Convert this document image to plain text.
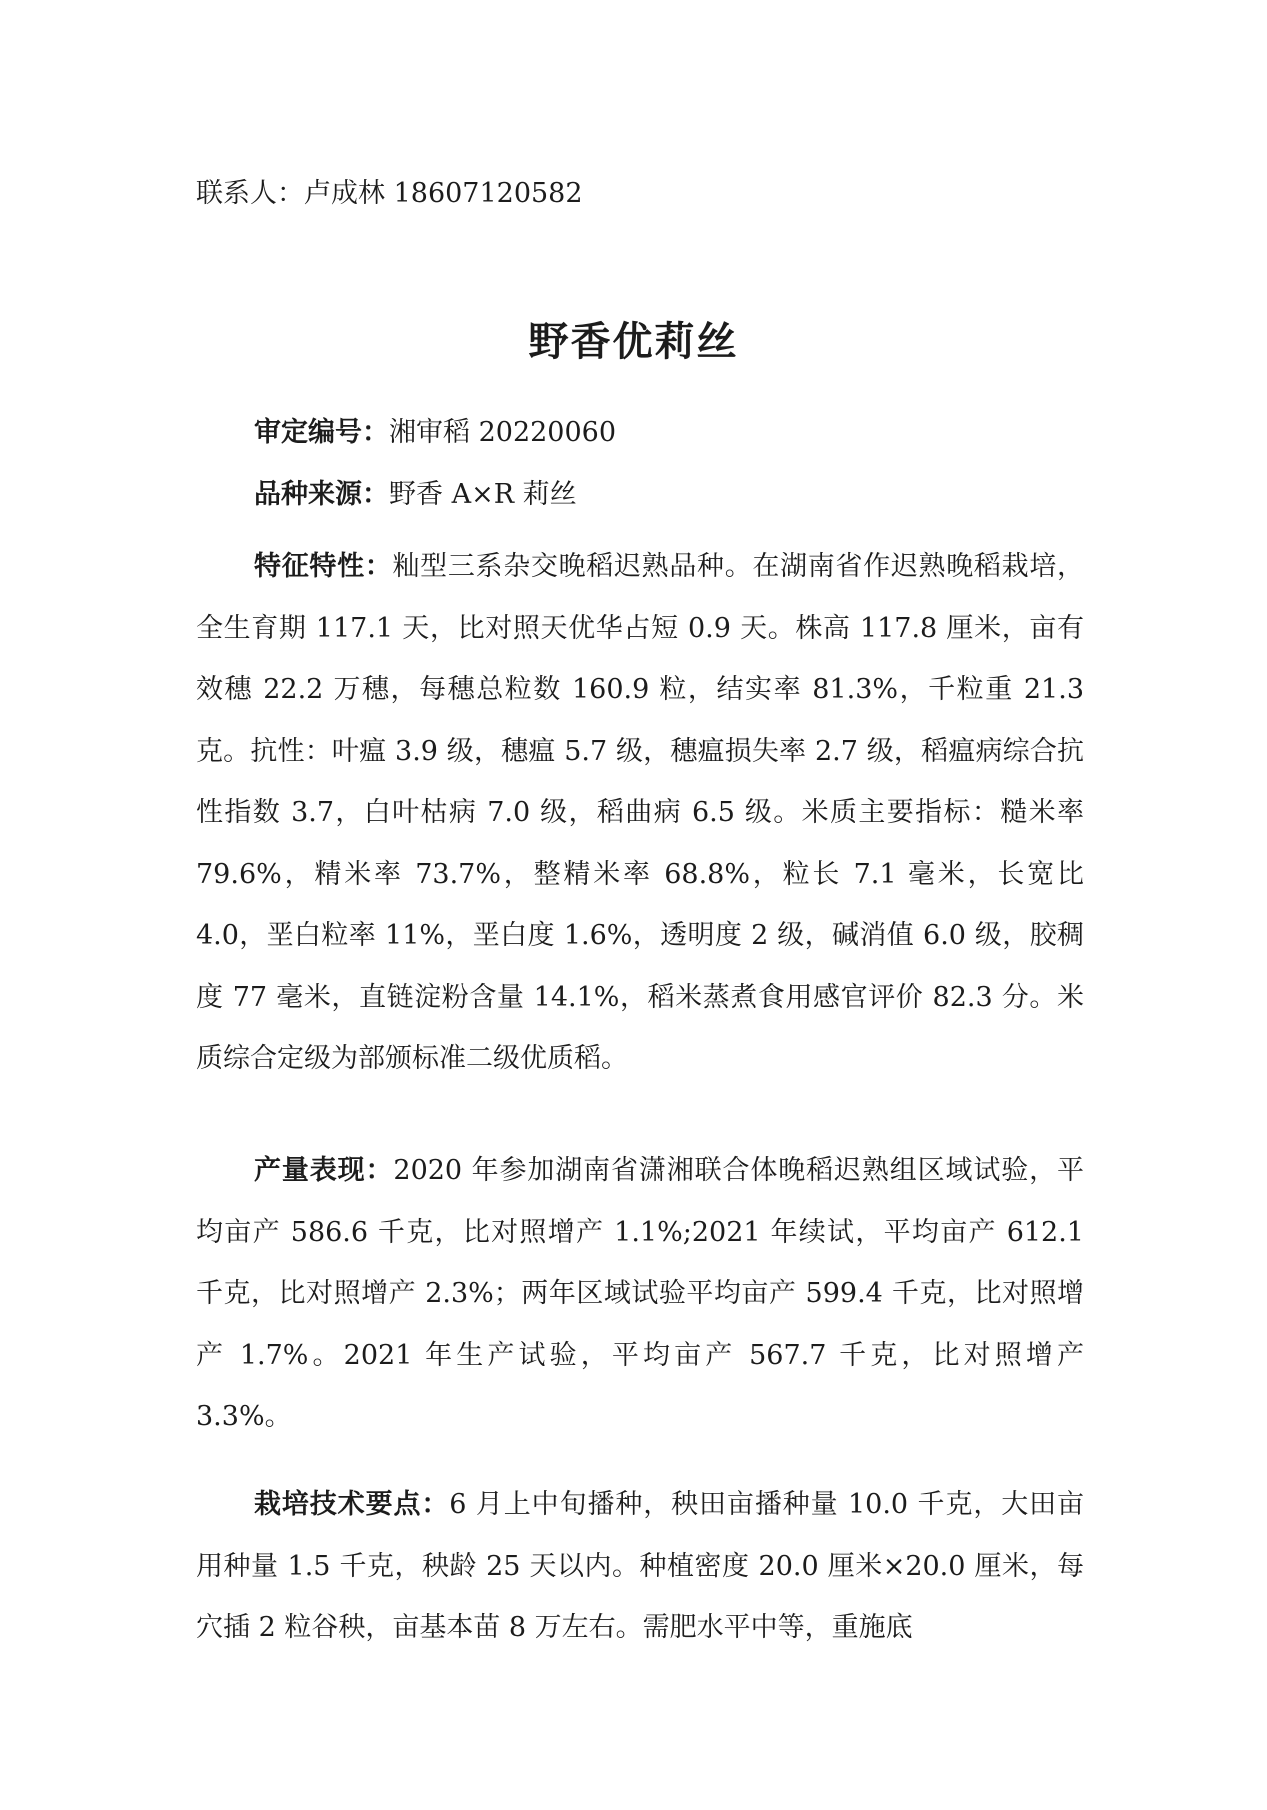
联系人：卢成林 18607120582
野香优莉丝
审定编号：湘审稻 20220060
品种来源：野香 A×R 莉丝

特征特性：籼型三系杂交晚稻迟熟品种。在湖南省作迟熟晚稻栽培，全生育期 117.1 天，比对照天优华占短 0.9 天。株高 117.8 厘米，亩有效穗 22.2 万穗，每穗总粒数 160.9 粒，结实率 81.3%，千粒重 21.3 克。抗性：叶瘟 3.9 级，穗瘟 5.7 级，穗瘟损失率 2.7 级，稻瘟病综合抗性指数 3.7，白叶枯病 7.0 级，稻曲病 6.5 级。米质主要指标：糙米率 79.6%，精米率 73.7%，整精米率 68.8%，粒长 7.1 毫米，长宽比 4.0，垩白粒率 11%，垩白度 1.6%，透明度 2 级，碱消值 6.0 级，胶稠度 77 毫米，直链淀粉含量 14.1%，稻米蒸煮食用感官评价 82.3 分。米质综合定级为部颁标准二级优质稻。

产量表现：2020 年参加湖南省潇湘联合体晚稻迟熟组区域试验，平均亩产 586.6 千克，比对照增产 1.1%;2021 年续试，平均亩产 612.1 千克，比对照增产 2.3%；两年区域试验平均亩产 599.4 千克，比对照增产 1.7%。2021 年生产试验，平均亩产 567.7 千克，比对照增产 3.3%。

栽培技术要点：6 月上中旬播种，秧田亩播种量 10.0 千克，大田亩用种量 1.5 千克，秧龄 25 天以内。种植密度 20.0 厘米×20.0 厘米，每穴插 2 粒谷秧，亩基本苗 8 万左右。需肥水平中等，重施底
